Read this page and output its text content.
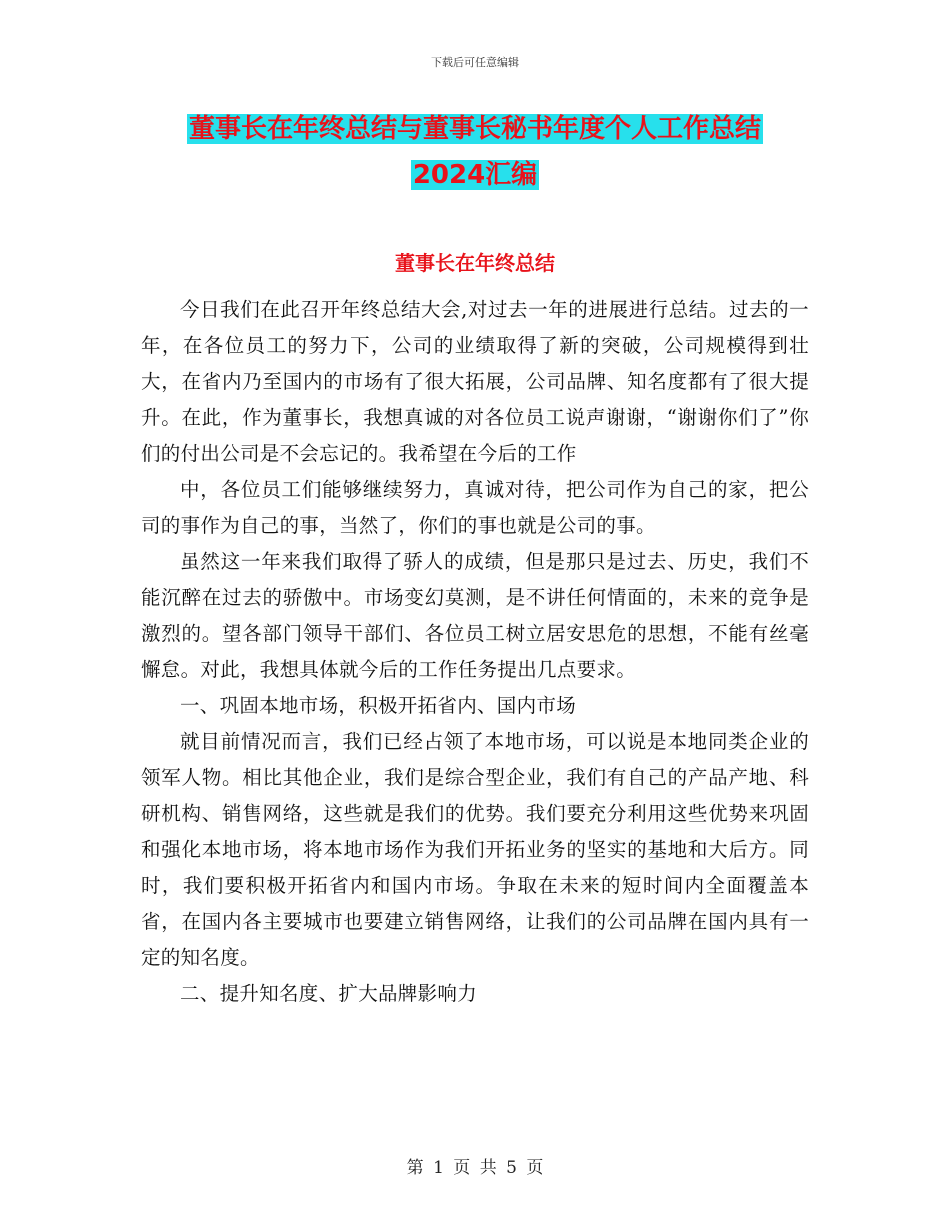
下载后可任意编辑
董事长在年终总结与董事长秘书年度个人工作总结
2024汇编
董事长在年终总结

今日我们在此召开年终总结大会,对过去一年的进展进行总结。过去的一年，在各位员工的努力下，公司的业绩取得了新的突破，公司规模得到壮大，在省内乃至国内的市场有了很大拓展，公司品牌、知名度都有了很大提升。在此，作为董事长，我想真诚的对各位员工说声谢谢，“谢谢你们了”你们的付出公司是不会忘记的。我希望在今后的工作

中，各位员工们能够继续努力，真诚对待，把公司作为自己的家，把公司的事作为自己的事，当然了，你们的事也就是公司的事。

虽然这一年来我们取得了骄人的成绩，但是那只是过去、历史，我们不能沉醉在过去的骄傲中。市场变幻莫测，是不讲任何情面的，未来的竞争是激烈的。望各部门领导干部们、各位员工树立居安思危的思想，不能有丝毫懈怠。对此，我想具体就今后的工作任务提出几点要求。

一、巩固本地市场，积极开拓省内、国内市场

就目前情况而言，我们已经占领了本地市场，可以说是本地同类企业的领军人物。相比其他企业，我们是综合型企业，我们有自己的产品产地、科研机构、销售网络，这些就是我们的优势。我们要充分利用这些优势来巩固和强化本地市场，将本地市场作为我们开拓业务的坚实的基地和大后方。同时，我们要积极开拓省内和国内市场。争取在未来的短时间内全面覆盖本省，在国内各主要城市也要建立销售网络，让我们的公司品牌在国内具有一定的知名度。

二、提升知名度、扩大品牌影响力

第 1 页 共 5 页
